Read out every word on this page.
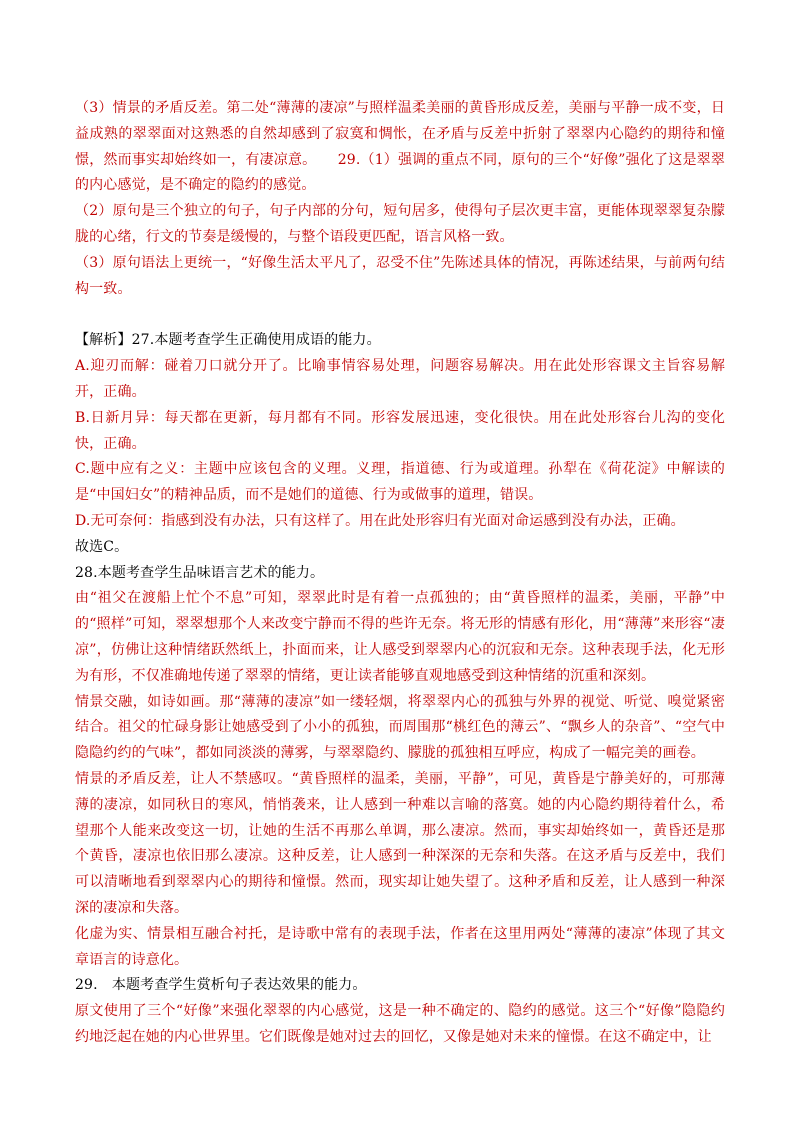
（3）情景的矛盾反差。第二处“薄薄的凄凉”与照样温柔美丽的黄昏形成反差，美丽与平静一成不变，日益成熟的翠翠面对这熟悉的自然却感到了寂寞和惆怅，在矛盾与反差中折射了翠翠内心隐约的期待和憧憬，然而事实却始终如一，有凄凉意。　　29.（1）强调的重点不同，原句的三个“好像”强化了这是翠翠的内心感觉，是不确定的隐约的感觉。

（2）原句是三个独立的句子，句子内部的分句，短句居多，使得句子层次更丰富，更能体现翠翠复杂朦胧的心绪，行文的节奏是缓慢的，与整个语段更匹配，语言风格一致。

（3）原句语法上更统一，“好像生活太平凡了，忍受不住”先陈述具体的情况，再陈述结果，与前两句结构一致。

【解析】27.本题考查学生正确使用成语的能力。

A.迎刃而解：碰着刀口就分开了。比喻事情容易处理，问题容易解决。用在此处形容课文主旨容易解开，正确。

B.日新月异：每天都在更新，每月都有不同。形容发展迅速，变化很快。用在此处形容台儿沟的变化快，正确。

C.题中应有之义：主题中应该包含的义理。义理，指道德、行为或道理。孙犁在《荷花淀》中解读的是“中国妇女”的精神品质，而不是她们的道德、行为或做事的道理，错误。

D.无可奈何：指感到没有办法，只有这样了。用在此处形容归有光面对命运感到没有办法，正确。

故选C。

28.本题考查学生品味语言艺术的能力。

由“祖父在渡船上忙个不息”可知，翠翠此时是有着一点孤独的；由“黄昏照样的温柔，美丽，平静”中的“照样”可知，翠翠想那个人来改变宁静而不得的些许无奈。将无形的情感有形化，用“薄薄”来形容“凄凉”，仿佛让这种情绪跃然纸上，扑面而来，让人感受到翠翠内心的沉寂和无奈。这种表现手法，化无形为有形，不仅准确地传递了翠翠的情绪，更让读者能够直观地感受到这种情绪的沉重和深刻。

情景交融，如诗如画。那“薄薄的凄凉”如一缕轻烟，将翠翠内心的孤独与外界的视觉、听觉、嗅觉紧密结合。祖父的忙碌身影让她感受到了小小的孤独，而周围那“桃红色的薄云”、“飘乡人的杂音”、“空气中隐隐约约的气味”，都如同淡淡的薄雾，与翠翠隐约、朦胧的孤独相互呼应，构成了一幅完美的画卷。

情景的矛盾反差，让人不禁感叹。“黄昏照样的温柔，美丽，平静”，可见，黄昏是宁静美好的，可那薄薄的凄凉，如同秋日的寒风，悄悄袭来，让人感到一种难以言喻的落寞。她的内心隐约期待着什么，希望那个人能来改变这一切，让她的生活不再那么单调，那么凄凉。然而，事实却始终如一，黄昏还是那个黄昏，凄凉也依旧那么凄凉。这种反差，让人感到一种深深的无奈和失落。在这矛盾与反差中，我们可以清晰地看到翠翠内心的期待和憧憬。然而，现实却让她失望了。这种矛盾和反差，让人感到一种深深的凄凉和失落。

化虚为实、情景相互融合衬托，是诗歌中常有的表现手法，作者在这里用两处“薄薄的凄凉”体现了其文章语言的诗意化。

29.　本题考查学生赏析句子表达效果的能力。

原文使用了三个“好像”来强化翠翠的内心感觉，这是一种不确定的、隐约的感觉。这三个“好像”隐隐约约地泛起在她的内心世界里。它们既像是她对过去的回忆，又像是她对未来的憧憬。在这不确定中，让
